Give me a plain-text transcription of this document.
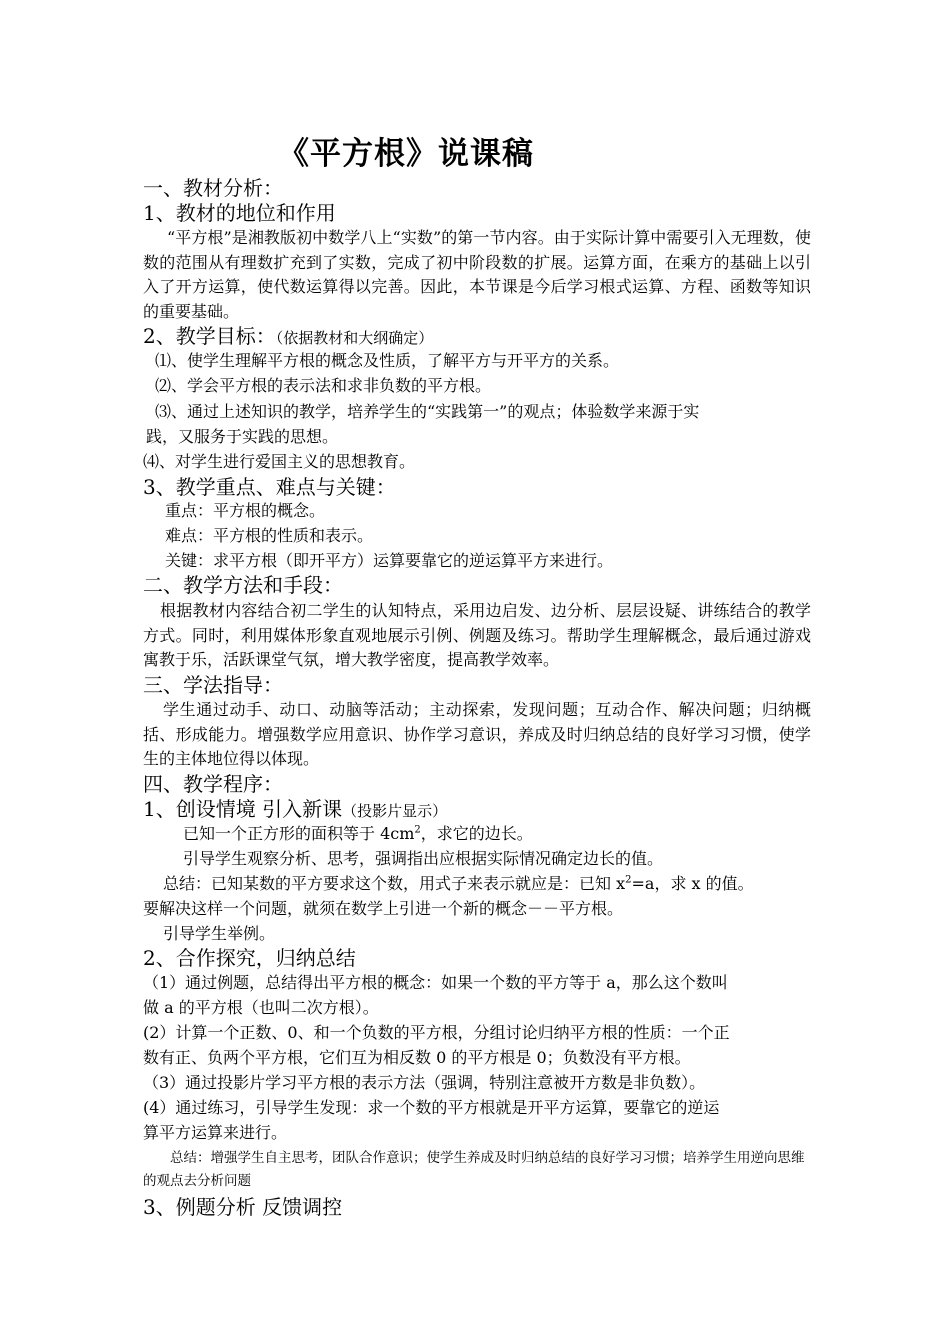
《平方根》说课稿
一、教材分析：
1、教材的地位和作用
“平方根”是湘教版初中数学八上“实数”的第一节内容。由于实际计算中需要引入无理数，使数的范围从有理数扩充到了实数，完成了初中阶段数的扩展。运算方面，在乘方的基础上以引入了开方运算，使代数运算得以完善。因此，本节课是今后学习根式运算、方程、函数等知识的重要基础。
2、教学目标：（依据教材和大纲确定）
⑴、使学生理解平方根的概念及性质，了解平方与开平方的关系。
⑵、学会平方根的表示法和求非负数的平方根。
⑶、通过上述知识的教学，培养学生的“实践第一”的观点；体验数学来源于实
践，又服务于实践的思想。
⑷、对学生进行爱国主义的思想教育。
3、教学重点、难点与关键：
重点：平方根的概念。
难点：平方根的性质和表示。
关键：求平方根（即开平方）运算要靠它的逆运算平方来进行。
二、教学方法和手段：
根据教材内容结合初二学生的认知特点，采用边启发、边分析、层层设疑、讲练结合的教学方式。同时，利用媒体形象直观地展示引例、例题及练习。帮助学生理解概念，最后通过游戏寓教于乐，活跃课堂气氛，增大教学密度，提高教学效率。
三、学法指导：
学生通过动手、动口、动脑等活动；主动探索，发现问题；互动合作、解决问题；归纳概括、形成能力。增强数学应用意识、协作学习意识，养成及时归纳总结的良好学习习惯，使学生的主体地位得以体现。
四、教学程序：
1、创设情境 引入新课（投影片显示）
已知一个正方形的面积等于 $4cm^2$，求它的边长。
引导学生观察分析、思考，强调指出应根据实际情况确定边长的值。
总结：已知某数的平方要求这个数，用式子来表示就应是：已知 $x^2=a$，求 x 的值。
要解决这样一个问题，就须在数学上引进一个新的概念－－平方根。
引导学生举例。
2、合作探究，归纳总结
（1）通过例题，总结得出平方根的概念：如果一个数的平方等于 a，那么这个数叫
做 a 的平方根（也叫二次方根）。
(2）计算一个正数、0、和一个负数的平方根，分组讨论归纳平方根的性质：一个正
数有正、负两个平方根，它们互为相反数 0 的平方根是 0；负数没有平方根。
（3）通过投影片学习平方根的表示方法（强调，特别注意被开方数是非负数）。
(4）通过练习，引导学生发现：求一个数的平方根就是开平方运算，要靠它的逆运
算平方运算来进行。
总结：增强学生自主思考，团队合作意识；使学生养成及时归纳总结的良好学习习惯；培养学生用逆向思维的观点去分析问题
3、例题分析 反馈调控
